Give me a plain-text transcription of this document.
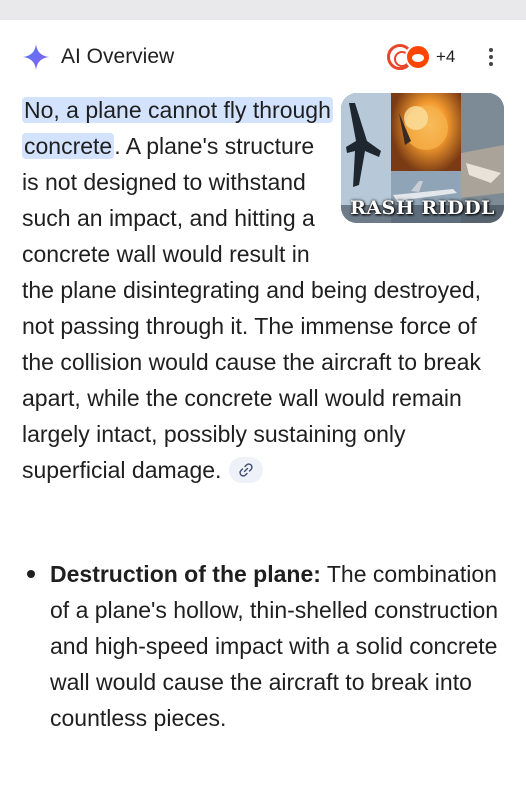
AI Overview	+4
RASH RIDDL
No, a plane cannot fly through concrete. A plane's structure is not designed to withstand such an impact, and hitting a concrete wall would result in the plane disintegrating and being destroyed, not passing through it. The immense force of the collision would cause the aircraft to break apart, while the concrete wall would remain largely intact, possibly sustaining only superficial damage.
Destruction of the plane: The combination of a plane's hollow, thin-shelled construction and high-speed impact with a solid concrete wall would cause the aircraft to break into countless pieces.
